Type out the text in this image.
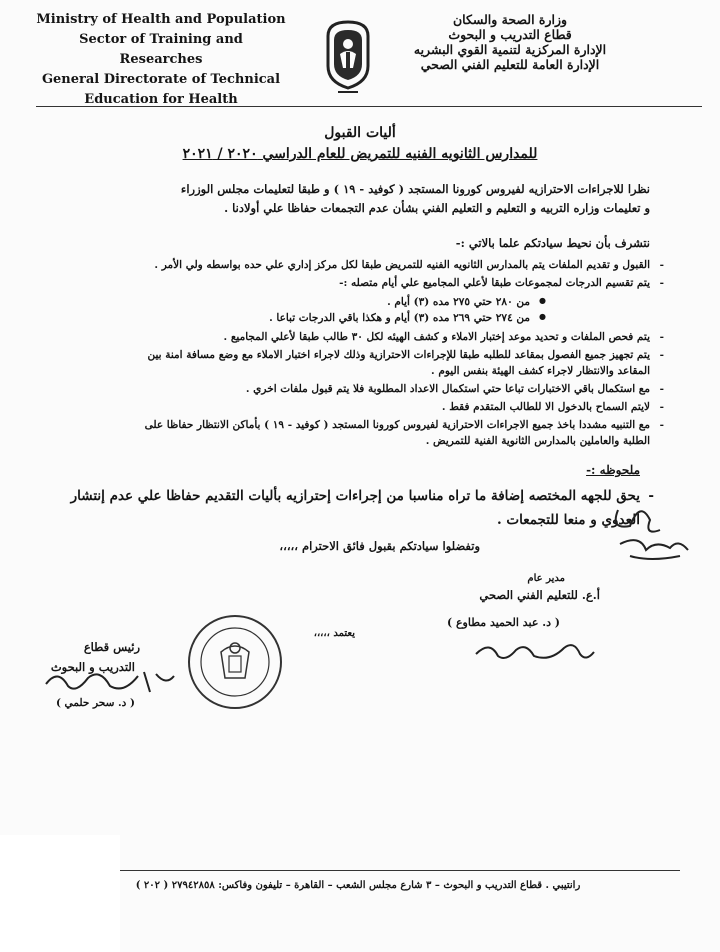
Ministry of Health and Population
Sector of Training and Researches
General Directorate of Technical
Education for Health
وزارة الصحة والسكان
قطاع التدريب و البحوث
الإدارة المركزية لتنمية القوي البشريه
الإدارة العامة للتعليم الفني الصحي
أليات القبول
للمدارس الثانويه الفنيه للتمريض للعام الدراسي ٢٠٢٠ / ٢٠٢١
نظرا للاجراءات الاحترازيه لفيروس كورونا المستجد ( كوفيد - ١٩ ) و طبقا لتعليمات مجلس الوزراء
و تعليمات وزاره التربيه و التعليم و التعليم الفني بشأن عدم التجمعات حفاظا علي أولادنا .
نتشرف بأن نحيط سيادتكم علما بالاتي :-
-
القبول و تقديم الملفات يتم بالمدارس الثانويه الفنيه للتمريض طبقا لكل مركز إداري علي حده بواسطه ولي الأمر .
-
يتم تقسيم الدرجات لمجموعات طبقا لأعلي المجاميع علي أيام متصله :-
من ٢٨٠ حتي ٢٧٥ مده (٣) أيام . ●
من ٢٧٤ حتي ٢٦٩ مده (٣) أيام و هكذا باقي الدرجات تباعا . ●
-
يتم فحص الملفات و تحديد موعد إختبار الاملاء و كشف الهيئه لكل ٣٠ طالب طبقا لأعلي المجاميع .
-
يتم تجهيز جميع الفصول بمقاعد للطلبه طبقا للإجراءات الاحترازية وذلك لاجراء اختبار الاملاء مع وضع مسافة امنة بين
المقاعد والانتظار لاجراء كشف الهيئة بنفس اليوم .
-
مع استكمال باقي الاختبارات تباعا حتي استكمال الاعداد المطلوبة فلا يتم قبول ملفات اخري .
-
لايتم السماح بالدخول الا للطالب المتقدم فقط .
-
مع التنبيه مشددا باخذ جميع الاجراءات الاحترازية لفيروس كورونا المستجد ( كوفيد - ١٩ ) بأماكن الانتظار حفاظا على
الطلبة والعاملين بالمدارس الثانوية الفنية للتمريض .
ملحوظه :-
-
يحق للجهه المختصه إضافة ما تراه مناسبا من إجراءات إحترازيه بأليات التقديم حفاظا علي عدم إنتشار
العدوي و منعا للتجمعات .
وتفضلوا سيادتكم بقبول فائق الاحترام ،،،،،
مدير عام
أ.ع. للتعليم الفني الصحي
( د. عبد الحميد مطاوع )
يعتمد ،،،،،
رئيس قطاع
التدريب و البحوث
( د. سحر حلمي )
رانتيبي . قطاع التدريب و البحوث – ٣ شارع مجلس الشعب – القاهرة – تليفون وفاكس: ٢٧٩٤٢٨٥٨ ( ٢٠٢ )
